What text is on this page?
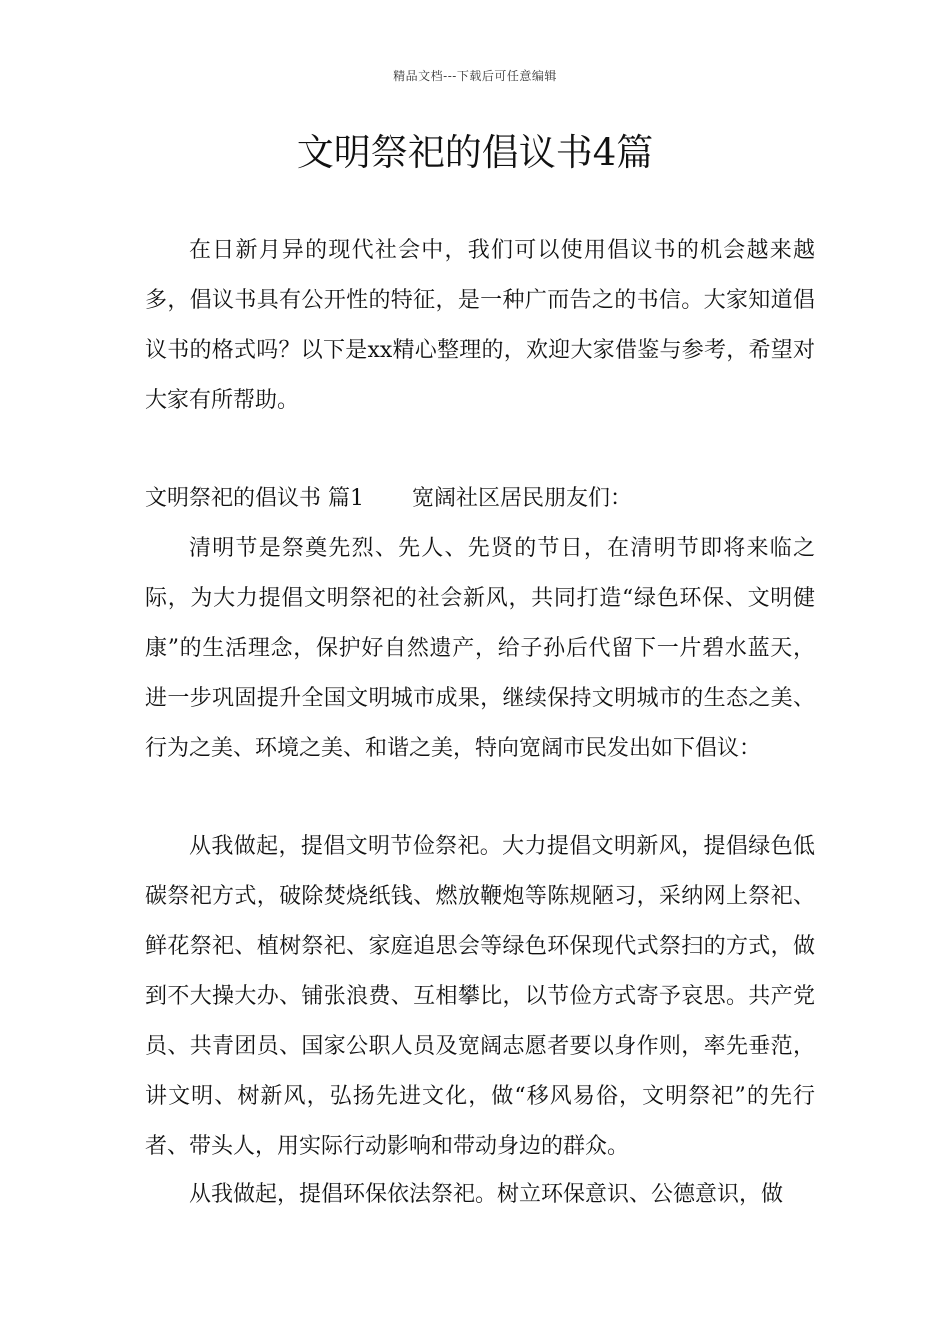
精品文档---下载后可任意编辑
文明祭祀的倡议书4篇

在日新月异的现代社会中，我们可以使用倡议书的机会越来越多，倡议书具有公开性的特征，是一种广而告之的书信。大家知道倡议书的格式吗？以下是xx精心整理的，欢迎大家借鉴与参考，希望对大家有所帮助。

文明祭祀的倡议书 篇1 宽阔社区居民朋友们：

清明节是祭奠先烈、先人、先贤的节日，在清明节即将来临之际，为大力提倡文明祭祀的社会新风，共同打造“绿色环保、文明健康”的生活理念，保护好自然遗产，给子孙后代留下一片碧水蓝天，进一步巩固提升全国文明城市成果，继续保持文明城市的生态之美、行为之美、环境之美、和谐之美，特向宽阔市民发出如下倡议：

从我做起，提倡文明节俭祭祀。大力提倡文明新风，提倡绿色低碳祭祀方式，破除焚烧纸钱、燃放鞭炮等陈规陋习，采纳网上祭祀、鲜花祭祀、植树祭祀、家庭追思会等绿色环保现代式祭扫的方式，做到不大操大办、铺张浪费、互相攀比，以节俭方式寄予哀思。共产党员、共青团员、国家公职人员及宽阔志愿者要以身作则，率先垂范，讲文明、树新风，弘扬先进文化，做“移风易俗，文明祭祀”的先行者、带头人，用实际行动影响和带动身边的群众。

从我做起，提倡环保依法祭祀。树立环保意识、公德意识，做
